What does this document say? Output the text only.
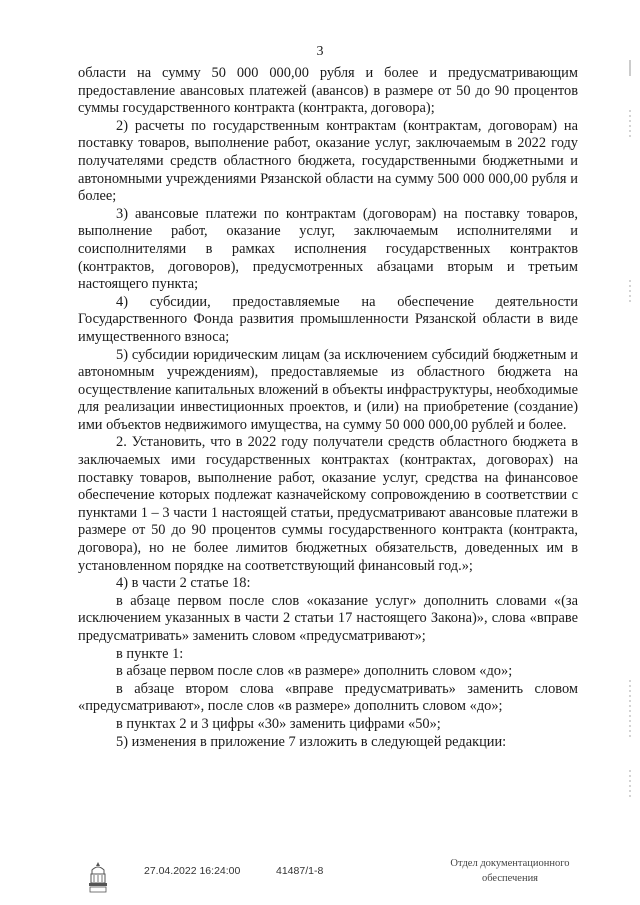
3

области на сумму 50 000 000,00 рубля и более и предусматривающим предоставление авансовых платежей (авансов) в размере от 50 до 90 процентов суммы государственного контракта (контракта, договора);

2) расчеты по государственным контрактам (контрактам, договорам) на поставку товаров, выполнение работ, оказание услуг, заключаемым в 2022 году получателями средств областного бюджета, государственными бюджетными и автономными учреждениями Рязанской области на сумму 500 000 000,00 рубля и более;

3) авансовые платежи по контрактам (договорам) на поставку товаров, выполнение работ, оказание услуг, заключаемым исполнителями и соисполнителями в рамках исполнения государственных контрактов (контрактов, договоров), предусмотренных абзацами вторым и третьим настоящего пункта;

4) субсидии, предоставляемые на обеспечение деятельности Государственного Фонда развития промышленности Рязанской области в виде имущественного взноса;

5) субсидии юридическим лицам (за исключением субсидий бюджетным и автономным учреждениям), предоставляемые из областного бюджета на осуществление капитальных вложений в объекты инфраструктуры, необходимые для реализации инвестиционных проектов, и (или) на приобретение (создание) ими объектов недвижимого имущества, на сумму 50 000 000,00 рублей и более.

2. Установить, что в 2022 году получатели средств областного бюджета в заключаемых ими государственных контрактах (контрактах, договорах) на поставку товаров, выполнение работ, оказание услуг, средства на финансовое обеспечение которых подлежат казначейскому сопровождению в соответствии с пунктами 1 – 3 части 1 настоящей статьи, предусматривают авансовые платежи в размере от 50 до 90 процентов суммы государственного контракта (контракта, договора), но не более лимитов бюджетных обязательств, доведенных им в установленном порядке на соответствующий финансовый год.»;

4) в части 2 статье 18:

в абзаце первом после слов «оказание услуг» дополнить словами «(за исключением указанных в части 2 статьи 17 настоящего Закона)», слова «вправе предусматривать» заменить словом «предусматривают»;

в пункте 1:

в абзаце первом после слов «в размере» дополнить словом «до»;

в абзаце втором слова «вправе предусматривать» заменить словом «предусматривают», после слов «в размере» дополнить словом «до»;

в пунктах 2 и 3 цифры «30» заменить цифрами «50»;

5) изменения в приложение 7 изложить в следующей редакции:

27.04.2022 16:24:00	41487/1-8
Отдел документационного
обеспечения
